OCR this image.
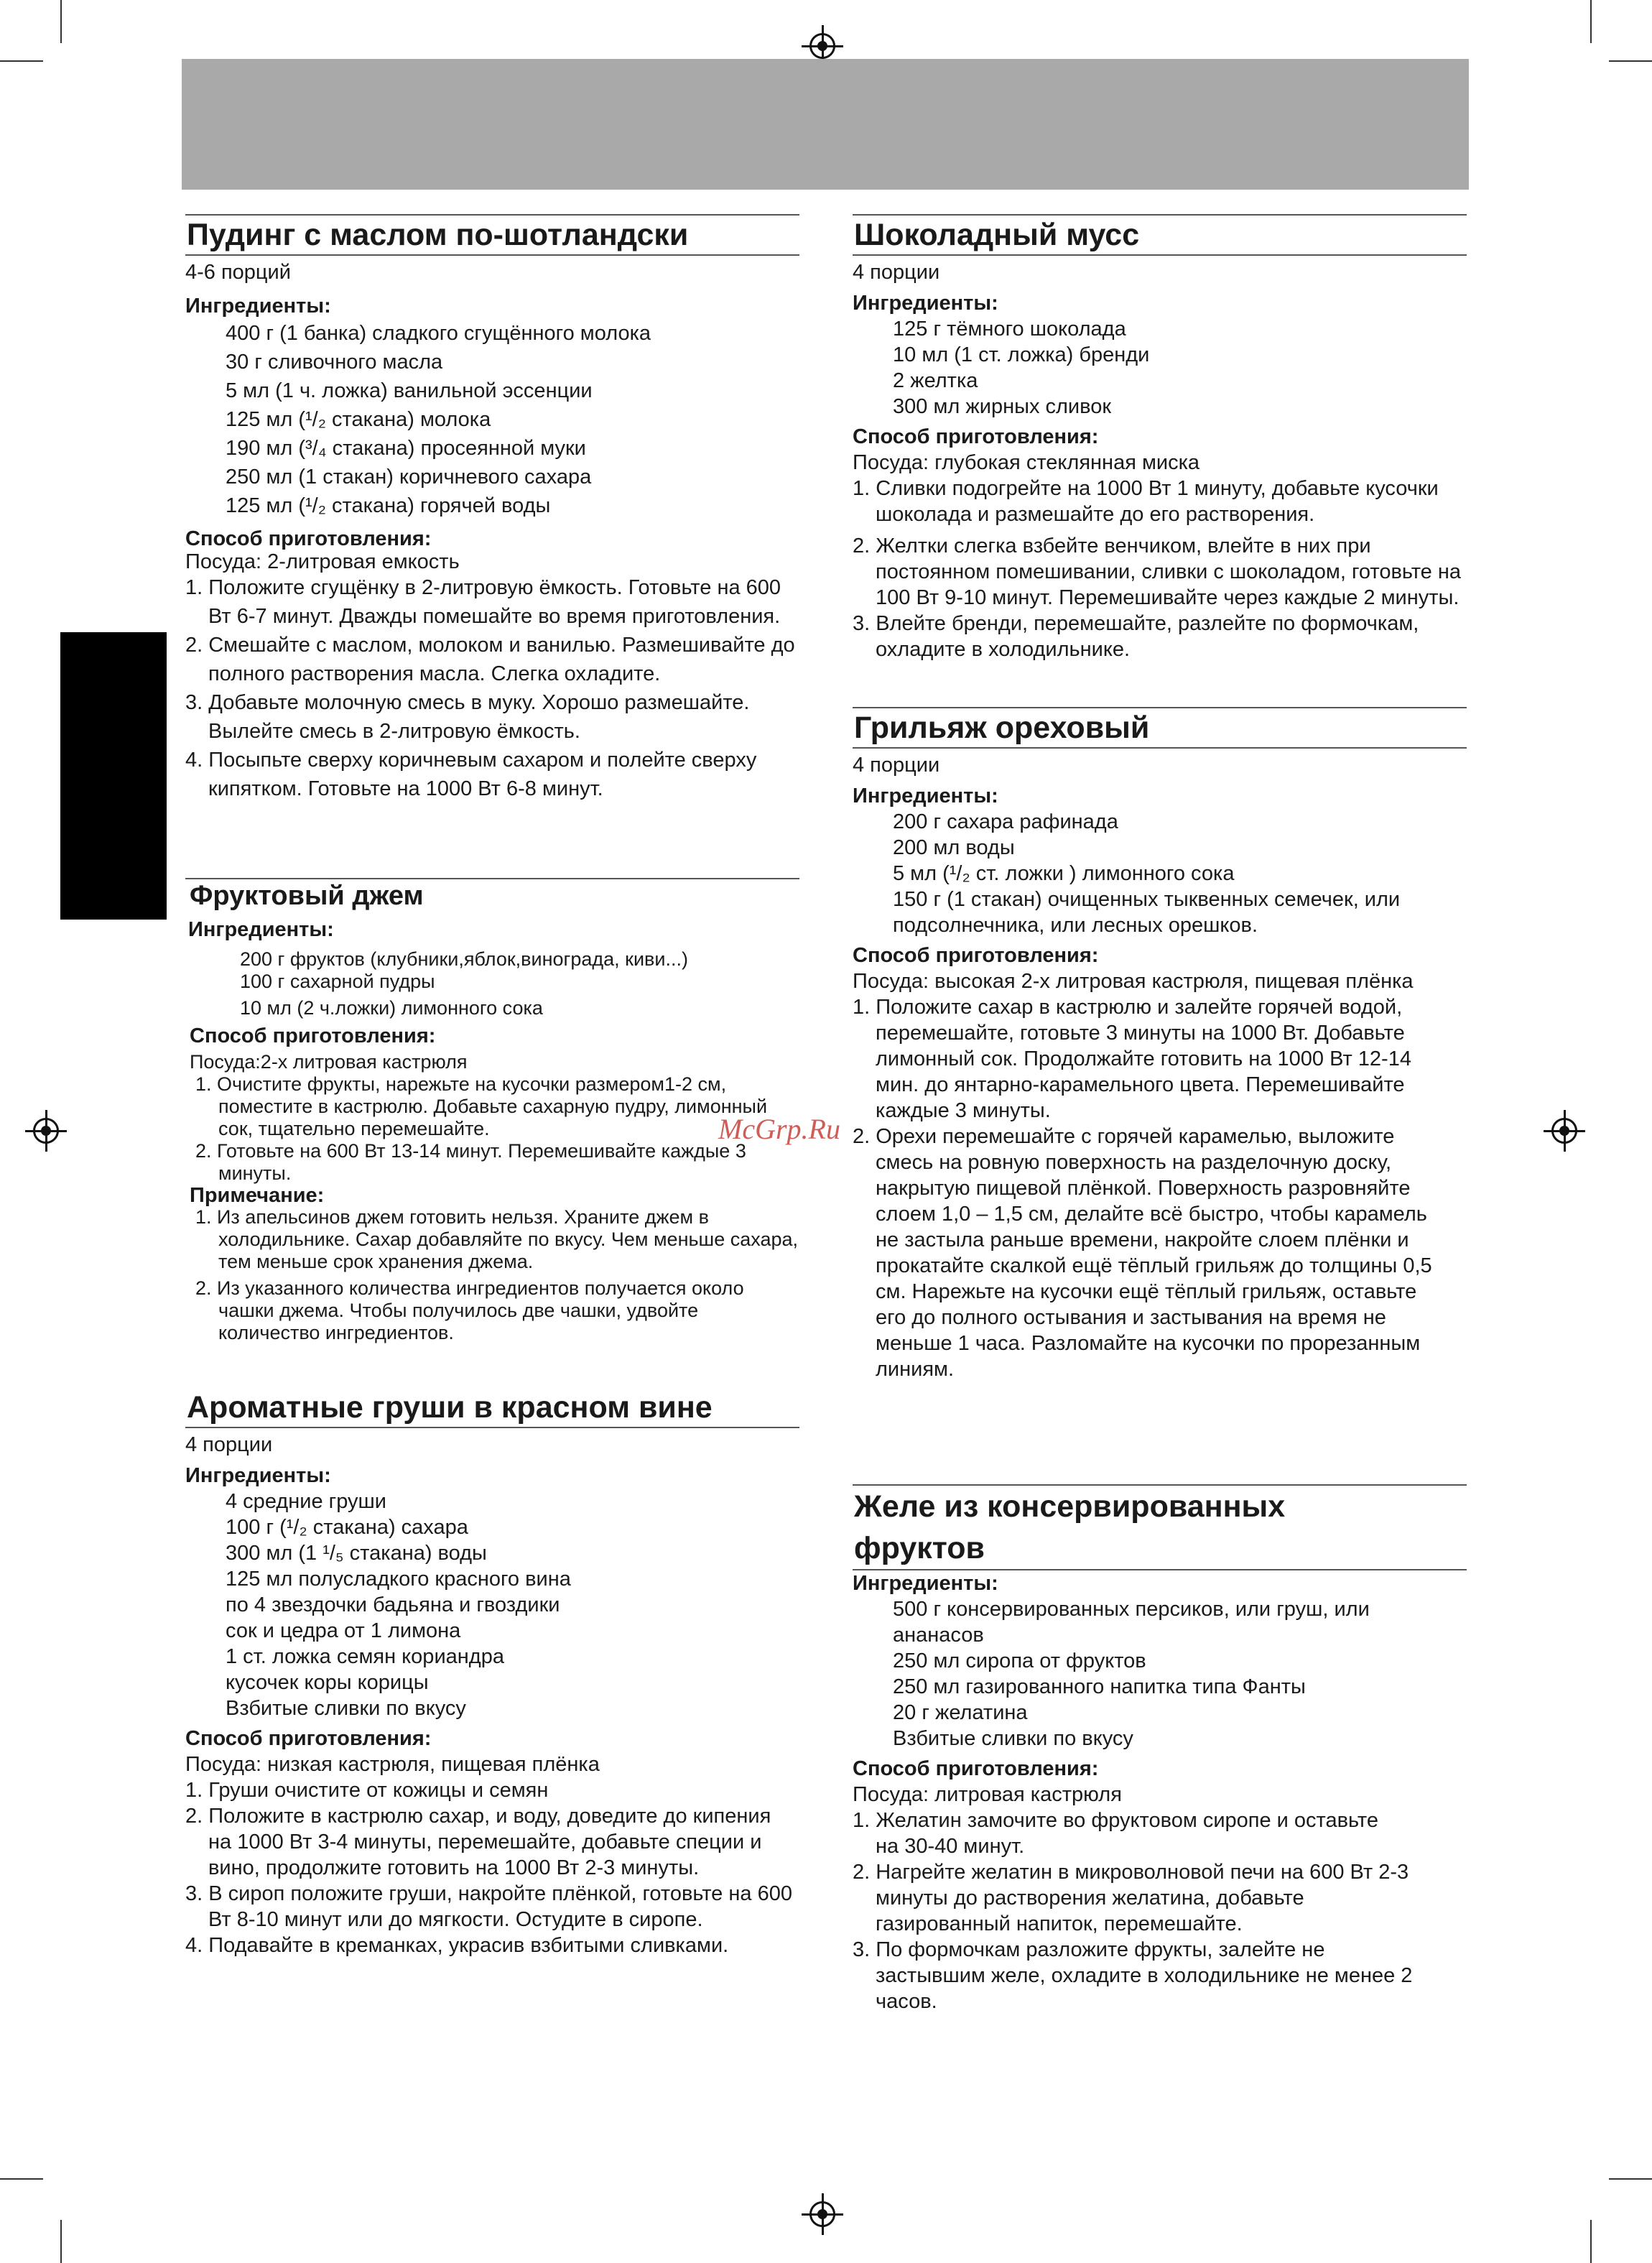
McGrp.Ru
Пудинг с маслом по-шотландски
4-6 порций
Ингредиенты:
400 г (1 банка) сладкого сгущённого молока
30 г сливочного масла
5 мл (1 ч. ложка) ванильной эссенции
125 мл (¹/₂ стакана) молока
190 мл (³/₄ стакана) просеянной муки
250 мл (1 стакан) коричневого сахара
125 мл (¹/₂ стакана) горячей воды
Способ приготовления:
Посуда: 2-литровая емкость
1. Положите сгущёнку в 2-литровую ёмкость. Готовьте на 600 Вт 6-7 минут. Дважды помешайте во время приготовления.
2. Смешайте с маслом, молоком и ванилью. Размешивайте до полного растворения масла. Слегка охладите.
3. Добавьте молочную смесь в муку. Хорошо размешайте. Вылейте смесь в 2-литровую ёмкость.
4. Посыпьте сверху коричневым сахаром и полейте сверху кипятком. Готовьте на 1000 Вт 6-8 минут.
Фруктовый джем
Ингредиенты:
200 г фруктов (клубники,яблок,винограда, киви...)
100 г сахарной пудры
10 мл (2 ч.ложки) лимонного сока
Способ приготовления:
Посуда:2-х литровая кастрюля
1. Очистите фрукты, нарежьте на кусочки размером1-2 см, поместите в кастрюлю. Добавьте сахарную пудру, лимонный сок, тщательно перемешайте.
2. Готовьте на 600 Вт 13-14 минут. Перемешивайте каждые 3 минуты.
Примечание:
1. Из апельсинов джем готовить нельзя. Храните джем в холодильнике. Сахар добавляйте по вкусу. Чем меньше сахара, тем меньше срок хранения джема.
2. Из указанного количества ингредиентов получается около чашки джема. Чтобы получилось две чашки, удвойте количество ингредиентов.
Ароматные груши в красном вине
4 порции
Ингредиенты:
4 средние груши
100 г (¹/₂ стакана) сахара
300 мл (1 ¹/₅ стакана) воды
125 мл полусладкого красного вина
по 4 звездочки бадьяна и гвоздики
сок и цедра от 1 лимона
1 ст. ложка семян кориандра
кусочек коры корицы
Взбитые сливки по вкусу
Способ приготовления:
Посуда: низкая кастрюля, пищевая плёнка
1. Груши очистите от кожицы и семян
2. Положите в кастрюлю сахар, и воду, доведите до кипения на 1000 Вт 3-4 минуты, перемешайте, добавьте специи и вино, продолжите готовить на 1000 Вт 2-3 минуты.
3. В сироп положите груши, накройте плёнкой, готовьте на 600 Вт 8-10 минут или до мягкости. Остудите в сиропе.
4. Подавайте в креманках, украсив взбитыми сливками.
Шоколадный мусс
4 порции
Ингредиенты:
125 г тёмного шоколада
10 мл (1 ст. ложка) бренди
2 желтка
300 мл жирных сливок
Способ приготовления:
Посуда: глубокая стеклянная миска
1. Сливки подогрейте на 1000 Вт 1 минуту, добавьте кусочки шоколада и размешайте до его растворения.
2. Желтки слегка взбейте венчиком, влейте в них при постоянном помешивании, сливки с шоколадом, готовьте на 100 Вт 9-10 минут. Перемешивайте через каждые 2 минуты.
3. Влейте бренди, перемешайте, разлейте по формочкам, охладите в холодильнике.
Грильяж ореховый
4 порции
Ингредиенты:
200 г сахара рафинада
200 мл воды
5 мл (¹/₂ ст. ложки ) лимонного сока
150 г (1 стакан) очищенных тыквенных семечек, или подсолнечника, или лесных орешков.
Способ приготовления:
Посуда: высокая 2-х литровая кастрюля, пищевая плёнка
1. Положите сахар в кастрюлю и залейте горячей водой, перемешайте, готовьте 3 минуты на 1000 Вт. Добавьте лимонный сок. Продолжайте готовить на 1000 Вт 12-14 мин. до янтарно-карамельного цвета. Перемешивайте каждые 3 минуты.
2. Орехи перемешайте с горячей карамелью, выложите смесь на ровную поверхность на разделочную доску, накрытую пищевой плёнкой. Поверхность разровняйте слоем 1,0 – 1,5 см, делайте всё быстро, чтобы карамель не застыла раньше времени, накройте слоем плёнки и прокатайте скалкой ещё тёплый грильяж до толщины 0,5 см. Нарежьте на кусочки ещё тёплый грильяж, оставьте его до полного остывания и застывания на время не меньше 1 часа. Разломайте на кусочки по прорезанным линиям.
Желе из консервированных
фруктов
Ингредиенты:
500 г консервированных персиков, или груш, или ананасов
250 мл сиропа от фруктов
250 мл газированного напитка типа Фанты
20 г желатина
Взбитые сливки по вкусу
Способ приготовления:
Посуда: литровая кастрюля
1. Желатин замочите во фруктовом сиропе и оставьте на 30-40 минут.
2. Нагрейте желатин в микроволновой печи на 600 Вт 2-3 минуты до растворения желатина, добавьте газированный напиток, перемешайте.
3. По формочкам разложите фрукты, залейте не застывшим желе, охладите в холодильнике не менее 2 часов.
